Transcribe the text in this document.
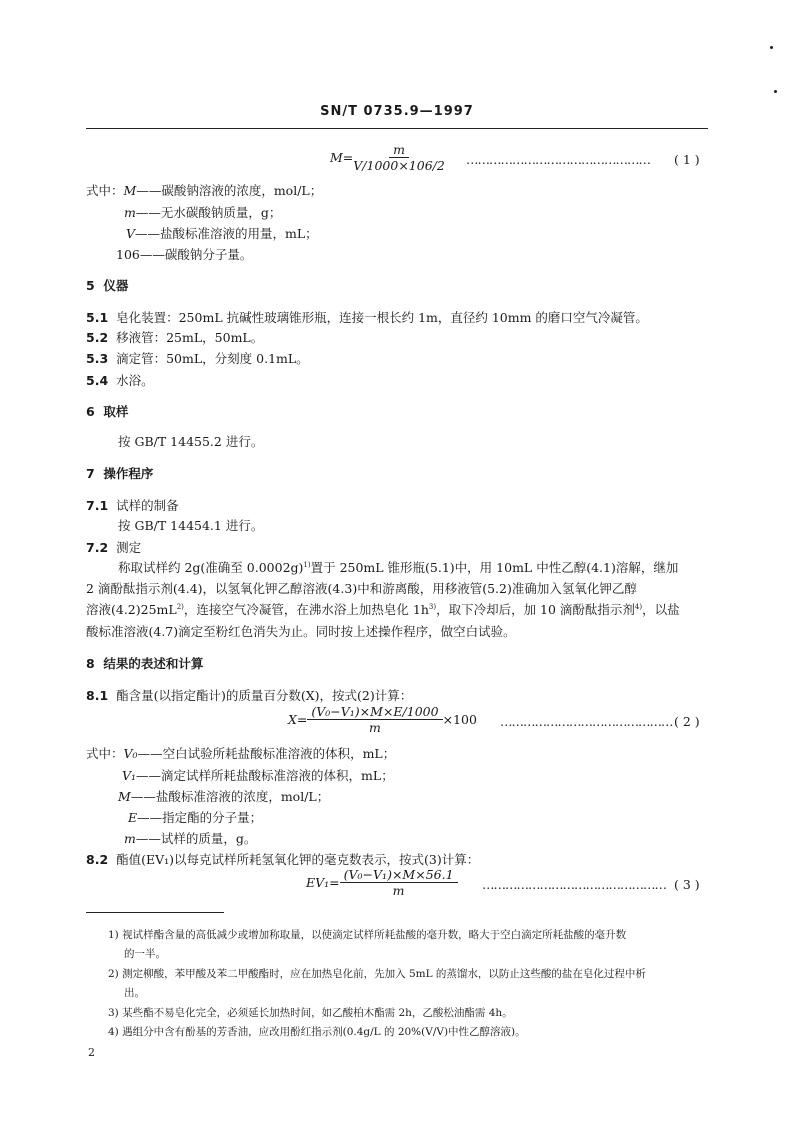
SN/T 0735.9—1997
$M= \frac{m}{V/1000\times 106/2}$ ………………………………………… ( 1 )
式中：M——碳酸钠溶液的浓度，mol/L；
m——无水碳酸钠质量，g；
V——盐酸标准溶液的用量，mL；
106——碳酸钠分子量。
5 仪器
5.1 皂化装置：250mL 抗碱性玻璃锥形瓶，连接一根长约 1m，直径约 10mm 的磨口空气冷凝管。
5.2 移液管：25mL，50mL。
5.3 滴定管：50mL，分刻度 0.1mL。
5.4 水浴。
6 取样
按 GB/T 14455.2 进行。
7 操作程序
7.1 试样的制备
按 GB/T 14454.1 进行。
7.2 测定
称取试样约 2g(准确至 0.0002g)$^{1)}$置于 250mL 锥形瓶(5.1)中，用 10mL 中性乙醇(4.1)溶解，继加
2 滴酚酞指示剂(4.4)，以氢氧化钾乙醇溶液(4.3)中和游离酸，用移液管(5.2)准确加入氢氧化钾乙醇
溶液$(4.2)25mL^{2)}$，连接空气冷凝管，在沸水浴上加热皂化 $1h^{3)}$，取下冷却后，加 10 滴酚酞指示剂$^{4)}$，以盐
酸标准溶液(4.7)滴定至粉红色消失为止。同时按上述操作程序，做空白试验。
8 结果的表述和计算
8.1 酯含量(以指定酯计)的质量百分数(X)，按式(2)计算：
$X= \frac{\text{(V₀−V₁)×M×E/1000}}{m} \times 100$ ……………………………………… ( 2 )
式中：V₀——空白试验所耗盐酸标准溶液的体积，mL；
V₁——滴定试样所耗盐酸标准溶液的体积，mL；
M——盐酸标准溶液的浓度，mol/L；
E——指定酯的分子量；
m——试样的质量，g。
8.2 酯值(EV₁)以每克试样所耗氢氧化钾的毫克数表示，按式(3)计算：
$EV_1= \frac{\text{(V₀−V₁)×M×56.1}}{m}$ ………………………………………… ( 3 )
1) 视试样酯含量的高低减少或增加称取量，以使滴定试样所耗盐酸的毫升数，略大于空白滴定所耗盐酸的毫升数
的一半。
2) 测定柳酸，苯甲酸及苯二甲酸酯时，应在加热皂化前，先加入 5mL 的蒸馏水，以防止这些酸的盐在皂化过程中析
出。
3) 某些酯不易皂化完全，必须延长加热时间，如乙酸柏木酯需 2h，乙酸松油酯需 4h。
4) 遇组分中含有酚基的芳香油，应改用酚红指示剂(0.4g/L 的 20%(V/V)中性乙醇溶液)。
2
